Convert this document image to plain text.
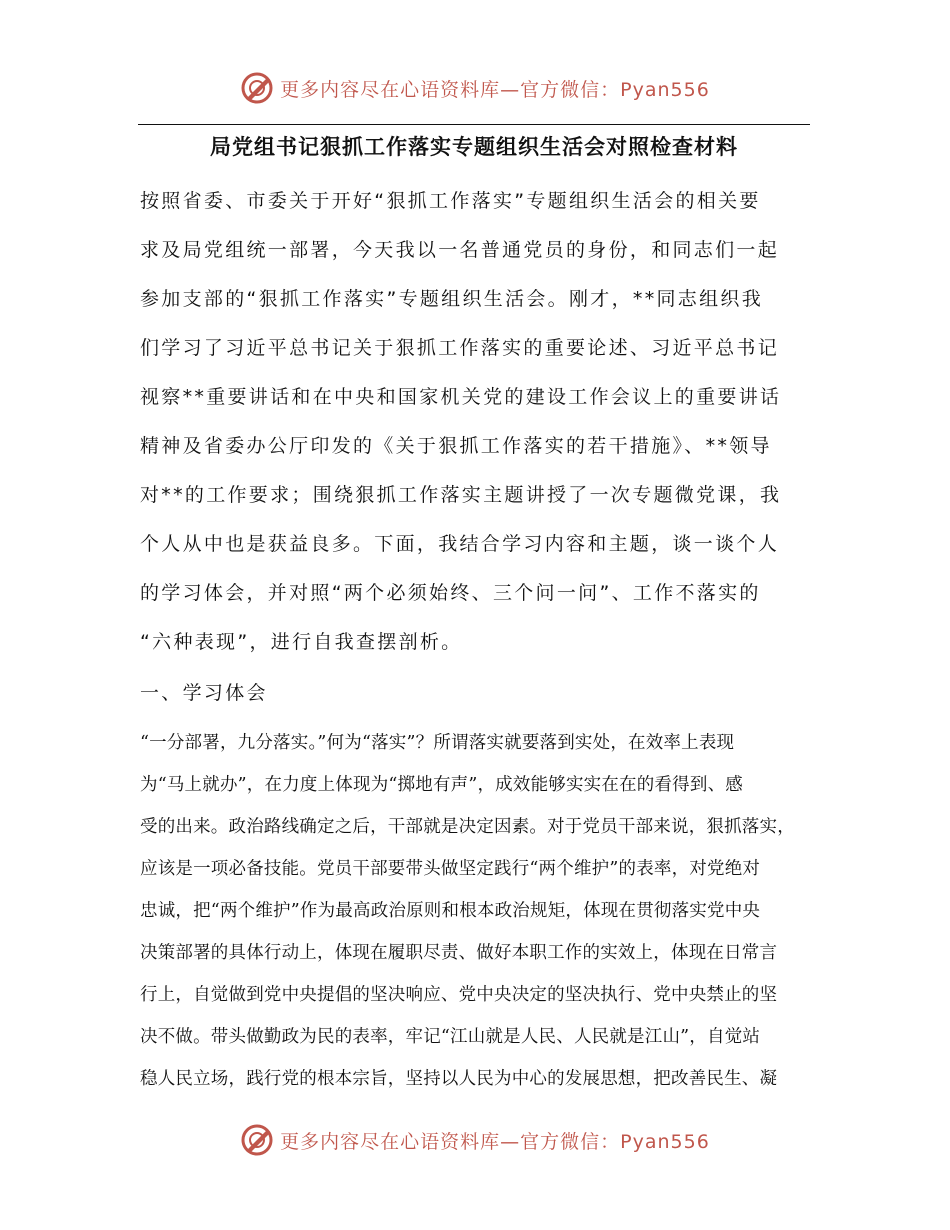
更多内容尽在心语资料库—官方微信：Pyan556
局党组书记狠抓工作落实专题组织生活会对照检查材料
按照省委、市委关于开好“狠抓工作落实”专题组织生活会的相关要
求及局党组统一部署，今天我以一名普通党员的身份，和同志们一起
参加支部的“狠抓工作落实”专题组织生活会。刚才，**同志组织我
们学习了习近平总书记关于狠抓工作落实的重要论述、习近平总书记
视察**重要讲话和在中央和国家机关党的建设工作会议上的重要讲话
精神及省委办公厅印发的《关于狠抓工作落实的若干措施》、**领导
对**的工作要求；围绕狠抓工作落实主题讲授了一次专题微党课，我
个人从中也是获益良多。下面，我结合学习内容和主题，谈一谈个人
的学习体会，并对照“两个必须始终、三个问一问”、工作不落实的
“六种表现”，进行自我查摆剖析。
一、学习体会
“一分部署，九分落实。”何为“落实”？所谓落实就要落到实处，在效率上表现
为“马上就办”，在力度上体现为“掷地有声”，成效能够实实在在的看得到、感
受的出来。政治路线确定之后，干部就是决定因素。对于党员干部来说，狠抓落实，
应该是一项必备技能。党员干部要带头做坚定践行“两个维护”的表率，对党绝对
忠诚，把“两个维护”作为最高政治原则和根本政治规矩，体现在贯彻落实党中央
决策部署的具体行动上，体现在履职尽责、做好本职工作的实效上，体现在日常言
行上，自觉做到党中央提倡的坚决响应、党中央决定的坚决执行、党中央禁止的坚
决不做。带头做勤政为民的表率，牢记“江山就是人民、人民就是江山”，自觉站
稳人民立场，践行党的根本宗旨，坚持以人民为中心的发展思想，把改善民生、凝
更多内容尽在心语资料库—官方微信：Pyan556
